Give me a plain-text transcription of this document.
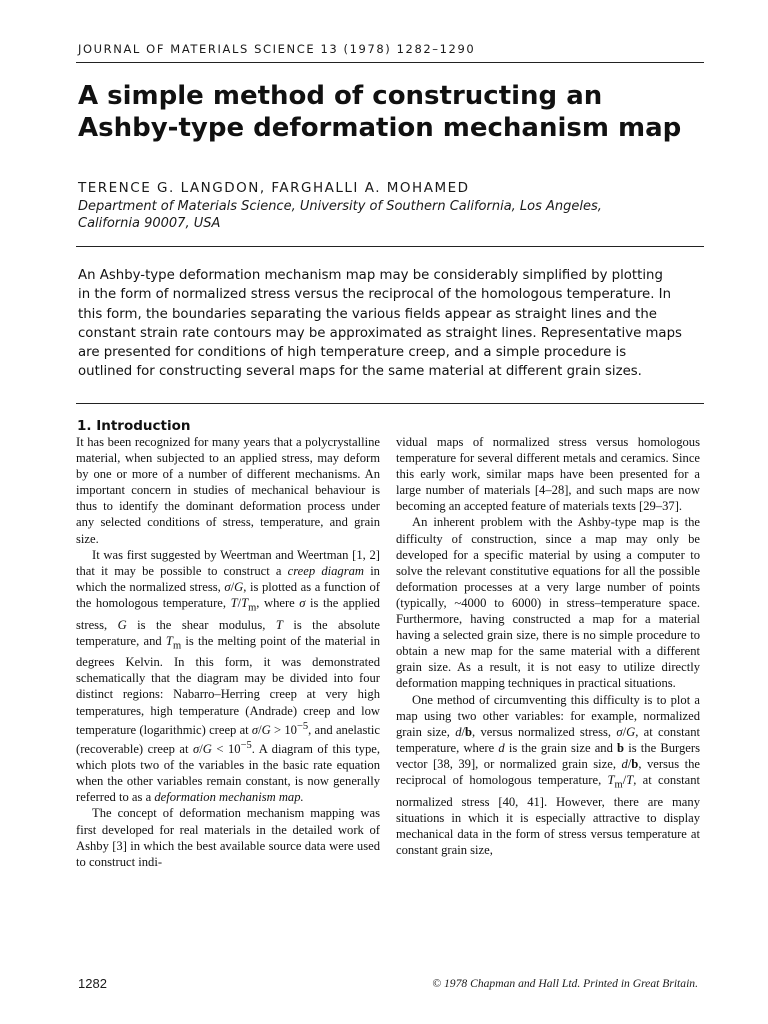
JOURNAL OF MATERIALS SCIENCE 13 (1978) 1282–1290
A simple method of constructing an
Ashby-type deformation mechanism map
TERENCE G. LANGDON, FARGHALLI A. MOHAMED
Department of Materials Science, University of Southern California, Los Angeles,
California 90007, USA
An Ashby-type deformation mechanism map may be considerably simplified by plotting
in the form of normalized stress versus the reciprocal of the homologous temperature. In
this form, the boundaries separating the various fields appear as straight lines and the
constant strain rate contours may be approximated as straight lines. Representative maps
are presented for conditions of high temperature creep, and a simple procedure is
outlined for constructing several maps for the same material at different grain sizes.
1. Introduction

It has been recognized for many years that a polycrystalline material, when subjected to an applied stress, may deform by one or more of a number of different mechanisms. An important concern in studies of mechanical behaviour is thus to identify the dominant deformation process under any selected conditions of stress, temperature, and grain size.

It was first suggested by Weertman and Weertman [1, 2] that it may be possible to construct a creep diagram in which the normalized stress, σ/G, is plotted as a function of the homologous temperature, $T/T_m$, where σ is the applied stress, G is the shear modulus, T is the absolute temperature, and $T_m$ is the melting point of the material in degrees Kelvin. In this form, it was demonstrated schematically that the diagram may be divided into four distinct regions: Nabarro–Herring creep at very high temperatures, high temperature (Andrade) creep and low temperature (logarithmic) creep at $\sigma/G > 10^{-5}$, and anelastic (recoverable) creep at $\sigma/G < 10^{-5}$. A diagram of this type, which plots two of the variables in the basic rate equation when the other variables remain constant, is now generally referred to as a deformation mechanism map.

The concept of deformation mechanism mapping was first developed for real materials in the detailed work of Ashby [3] in which the best available source data were used to construct indi-

vidual maps of normalized stress versus homologous temperature for several different metals and ceramics. Since this early work, similar maps have been presented for a large number of materials [4–28], and such maps are now becoming an accepted feature of materials texts [29–37].

An inherent problem with the Ashby-type map is the difficulty of construction, since a map may only be developed for a specific material by using a computer to solve the relevant constitutive equations for all the possible deformation processes at a very large number of points (typically, ~4000 to 6000) in stress–temperature space. Furthermore, having constructed a map for a material having a selected grain size, there is no simple procedure to obtain a new map for the same material with a different grain size. As a result, it is not easy to utilize directly deformation mapping techniques in practical situations.

One method of circumventing this difficulty is to plot a map using two other variables: for example, normalized grain size, d/b, versus normalized stress, σ/G, at constant temperature, where d is the grain size and b is the Burgers vector [38, 39], or normalized grain size, d/b, versus the reciprocal of homologous temperature, $T_m/T$, at constant normalized stress [40, 41]. However, there are many situations in which it is especially attractive to display mechanical data in the form of stress versus temperature at constant grain size,

1282	© 1978 Chapman and Hall Ltd. Printed in Great Britain.
